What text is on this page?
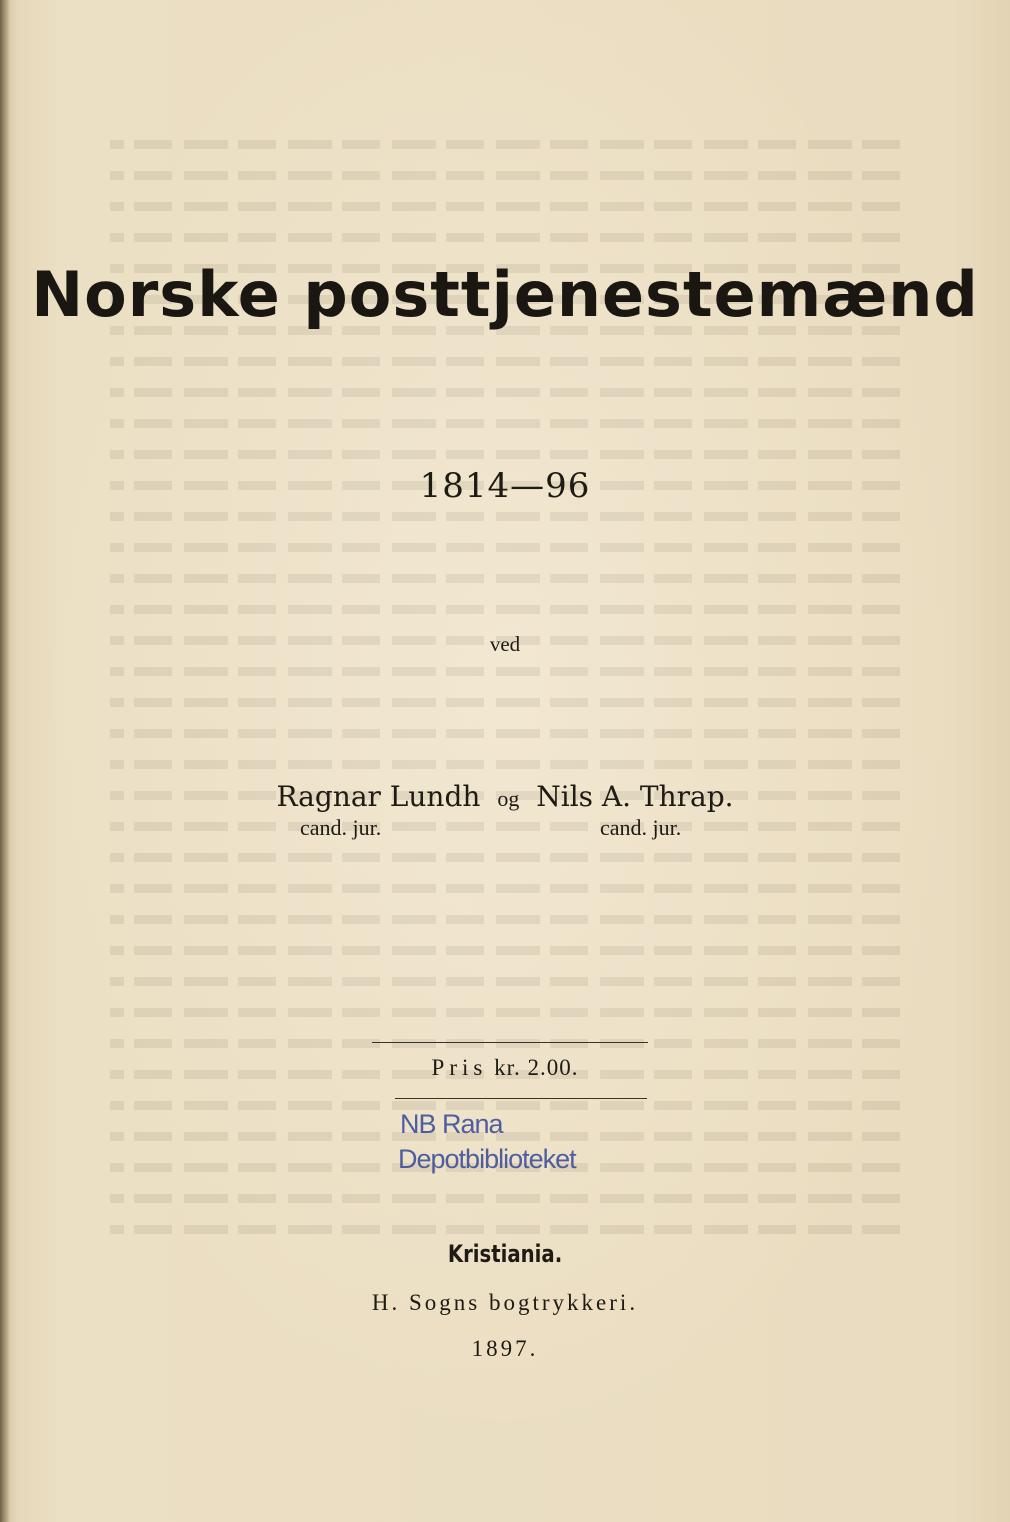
Norske posttjenestemænd
1814—96
ved
Ragnar Lundh og Nils A. Thrap.
cand. jur.	cand. jur.
Pris kr. 2.00.
NB Rana
Depotbiblioteket
Kristiania.
H. Sogns bogtrykkeri.
1897.
